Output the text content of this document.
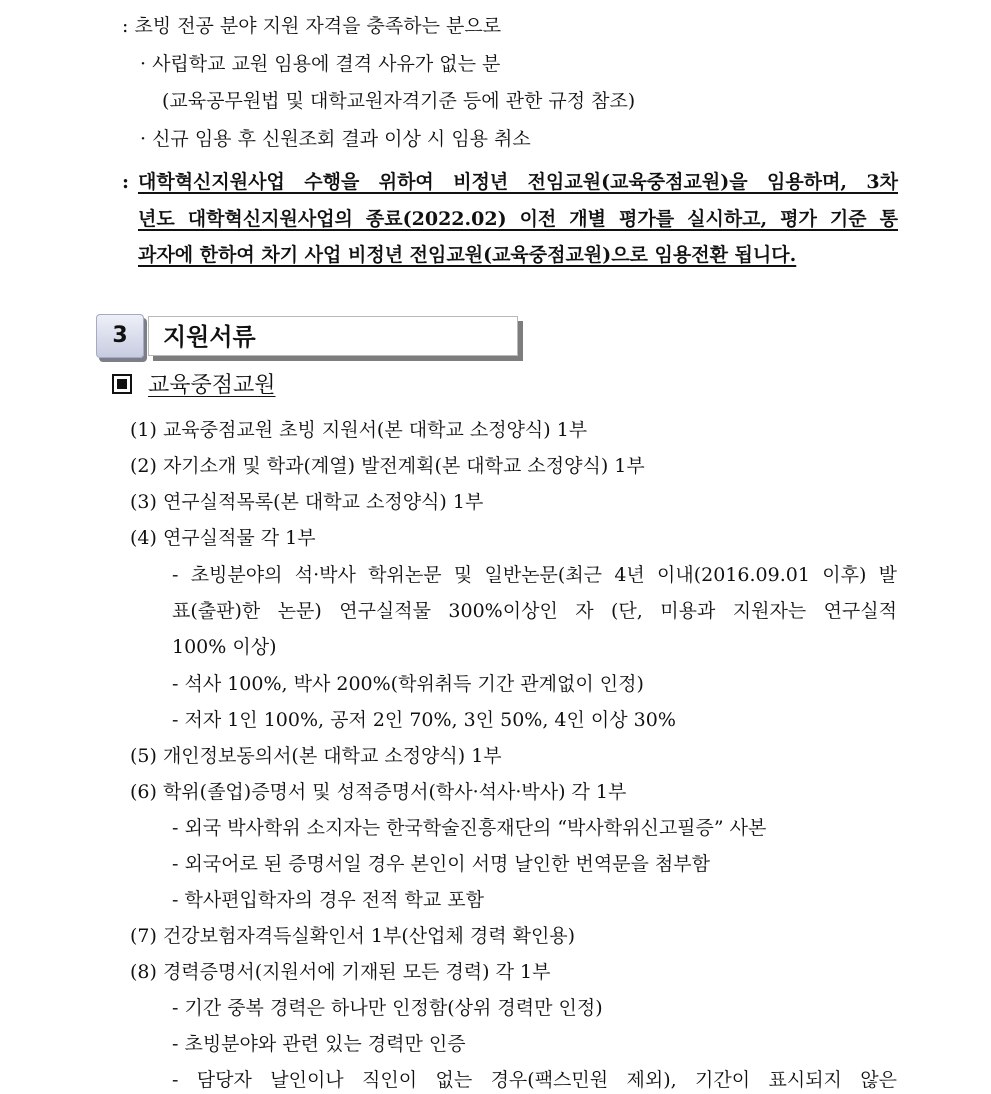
: 초빙 전공 분야 지원 자격을 충족하는 분으로
· 사립학교 교원 임용에 결격 사유가 없는 분
(교육공무원법 및 대학교원자격기준 등에 관한 규정 참조)
· 신규 임용 후 신원조회 결과 이상 시 임용 취소
: 대학혁신지원사업 수행을 위하여 비정년 전임교원(교육중점교원)을 임용하며, 3차
년도 대학혁신지원사업의 종료(2022.02) 이전 개별 평가를 실시하고, 평가 기준 통
과자에 한하여 차기 사업 비정년 전임교원(교육중점교원)으로 임용전환 됩니다.
3	지원서류
교육중점교원
(1) 교육중점교원 초빙 지원서(본 대학교 소정양식) 1부
(2) 자기소개 및 학과(계열) 발전계획(본 대학교 소정양식) 1부
(3) 연구실적목록(본 대학교 소정양식) 1부
(4) 연구실적물 각 1부
- 초빙분야의 석·박사 학위논문 및 일반논문(최근 4년 이내(2016.09.01 이후) 발
표(출판)한 논문) 연구실적물 300%이상인 자 (단, 미용과 지원자는 연구실적
100% 이상)
- 석사 100%, 박사 200%(학위취득 기간 관계없이 인정)
- 저자 1인 100%, 공저 2인 70%, 3인 50%, 4인 이상 30%
(5) 개인정보동의서(본 대학교 소정양식) 1부
(6) 학위(졸업)증명서 및 성적증명서(학사·석사·박사) 각 1부
- 외국 박사학위 소지자는 한국학술진흥재단의 “박사학위신고필증” 사본
- 외국어로 된 증명서일 경우 본인이 서명 날인한 번역문을 첨부함
- 학사편입학자의 경우 전적 학교 포함
(7) 건강보험자격득실확인서 1부(산업체 경력 확인용)
(8) 경력증명서(지원서에 기재된 모든 경력) 각 1부
- 기간 중복 경력은 하나만 인정함(상위 경력만 인정)
- 초빙분야와 관련 있는 경력만 인증
- 담당자 날인이나 직인이 없는 경우(팩스민원 제외), 기간이 표시되지 않은
